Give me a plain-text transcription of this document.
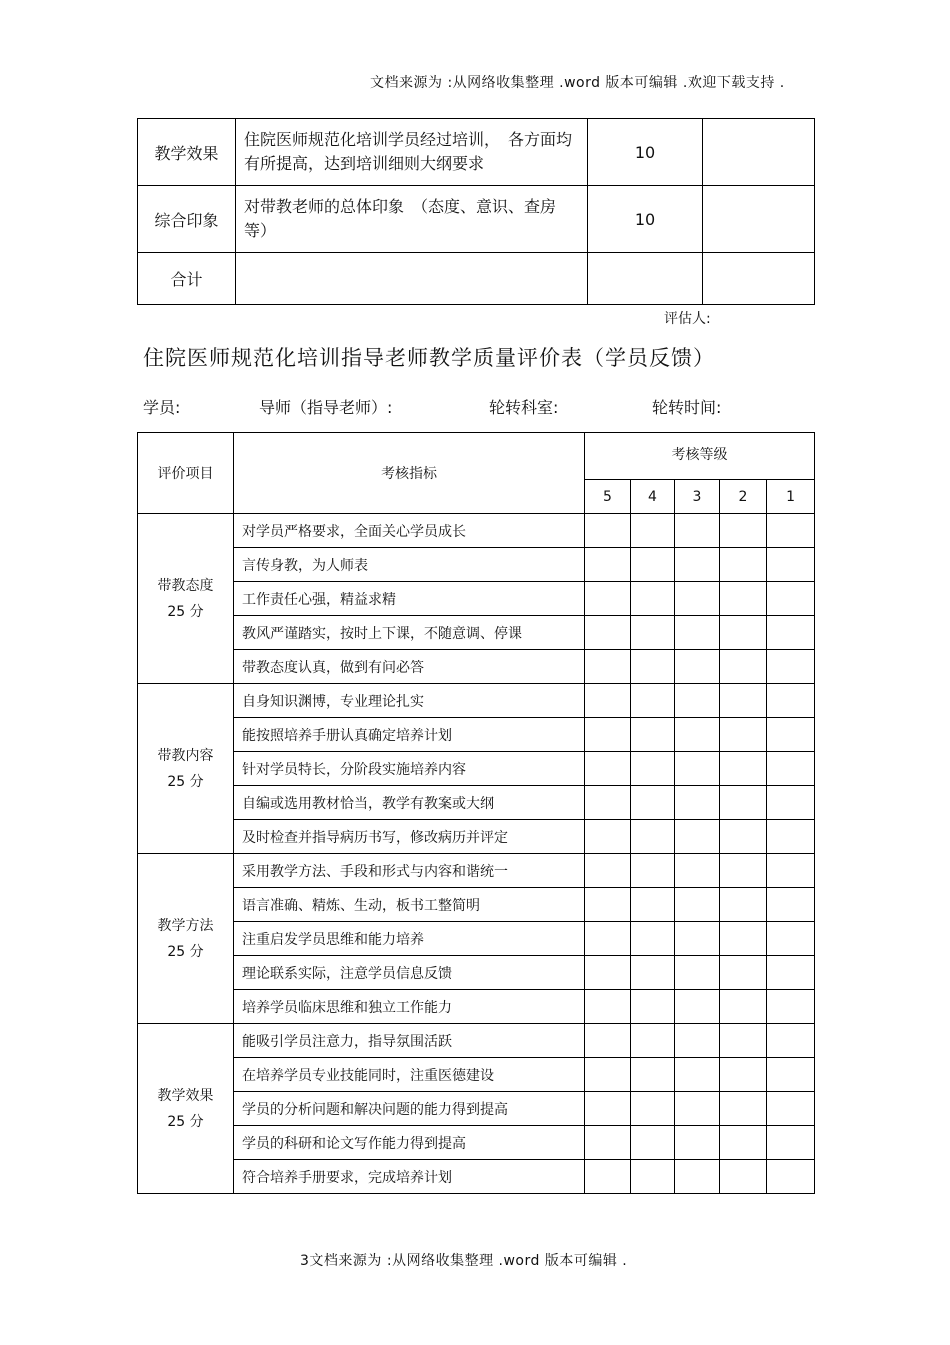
文档来源为 :从网络收集整理 .word 版本可编辑 .欢迎下载支持 .
教学效果	住院医师规范化培训学员经过培训，　各方面均有所提高，达到培训细则大纲要求	10	
综合印象	对带教老师的总体印象　（态度、意识、查房等）	10	
合计			
评估人:
住院医师规范化培训指导老师教学质量评价表（学员反馈）
学员:	导师（指导老师）:	轮转科室:	轮转时间:
评价项目	考核指标	考核等级				
		5	4	3	2	1

带教态度
25 分	对学员严格要求，全面关心学员成长					
	言传身教，为人师表					
	工作责任心强，精益求精					
	教风严谨踏实，按时上下课，不随意调、停课					
	带教态度认真，做到有问必答					

带教内容
25 分	自身知识渊博，专业理论扎实					
	能按照培养手册认真确定培养计划					
	针对学员特长，分阶段实施培养内容					
	自编或选用教材恰当，教学有教案或大纲					
	及时检查并指导病历书写，修改病历并评定					

教学方法
25 分	采用教学方法、手段和形式与内容和谐统一					
	语言准确、精炼、生动，板书工整简明					
	注重启发学员思维和能力培养					
	理论联系实际，注意学员信息反馈					
	培养学员临床思维和独立工作能力					

教学效果
25 分	能吸引学员注意力，指导氛围活跃					
	在培养学员专业技能同时，注重医德建设					
	学员的分析问题和解决问题的能力得到提高					
	学员的科研和论文写作能力得到提高					
	符合培养手册要求，完成培养计划					
3文档来源为 :从网络收集整理 .word 版本可编辑 .
